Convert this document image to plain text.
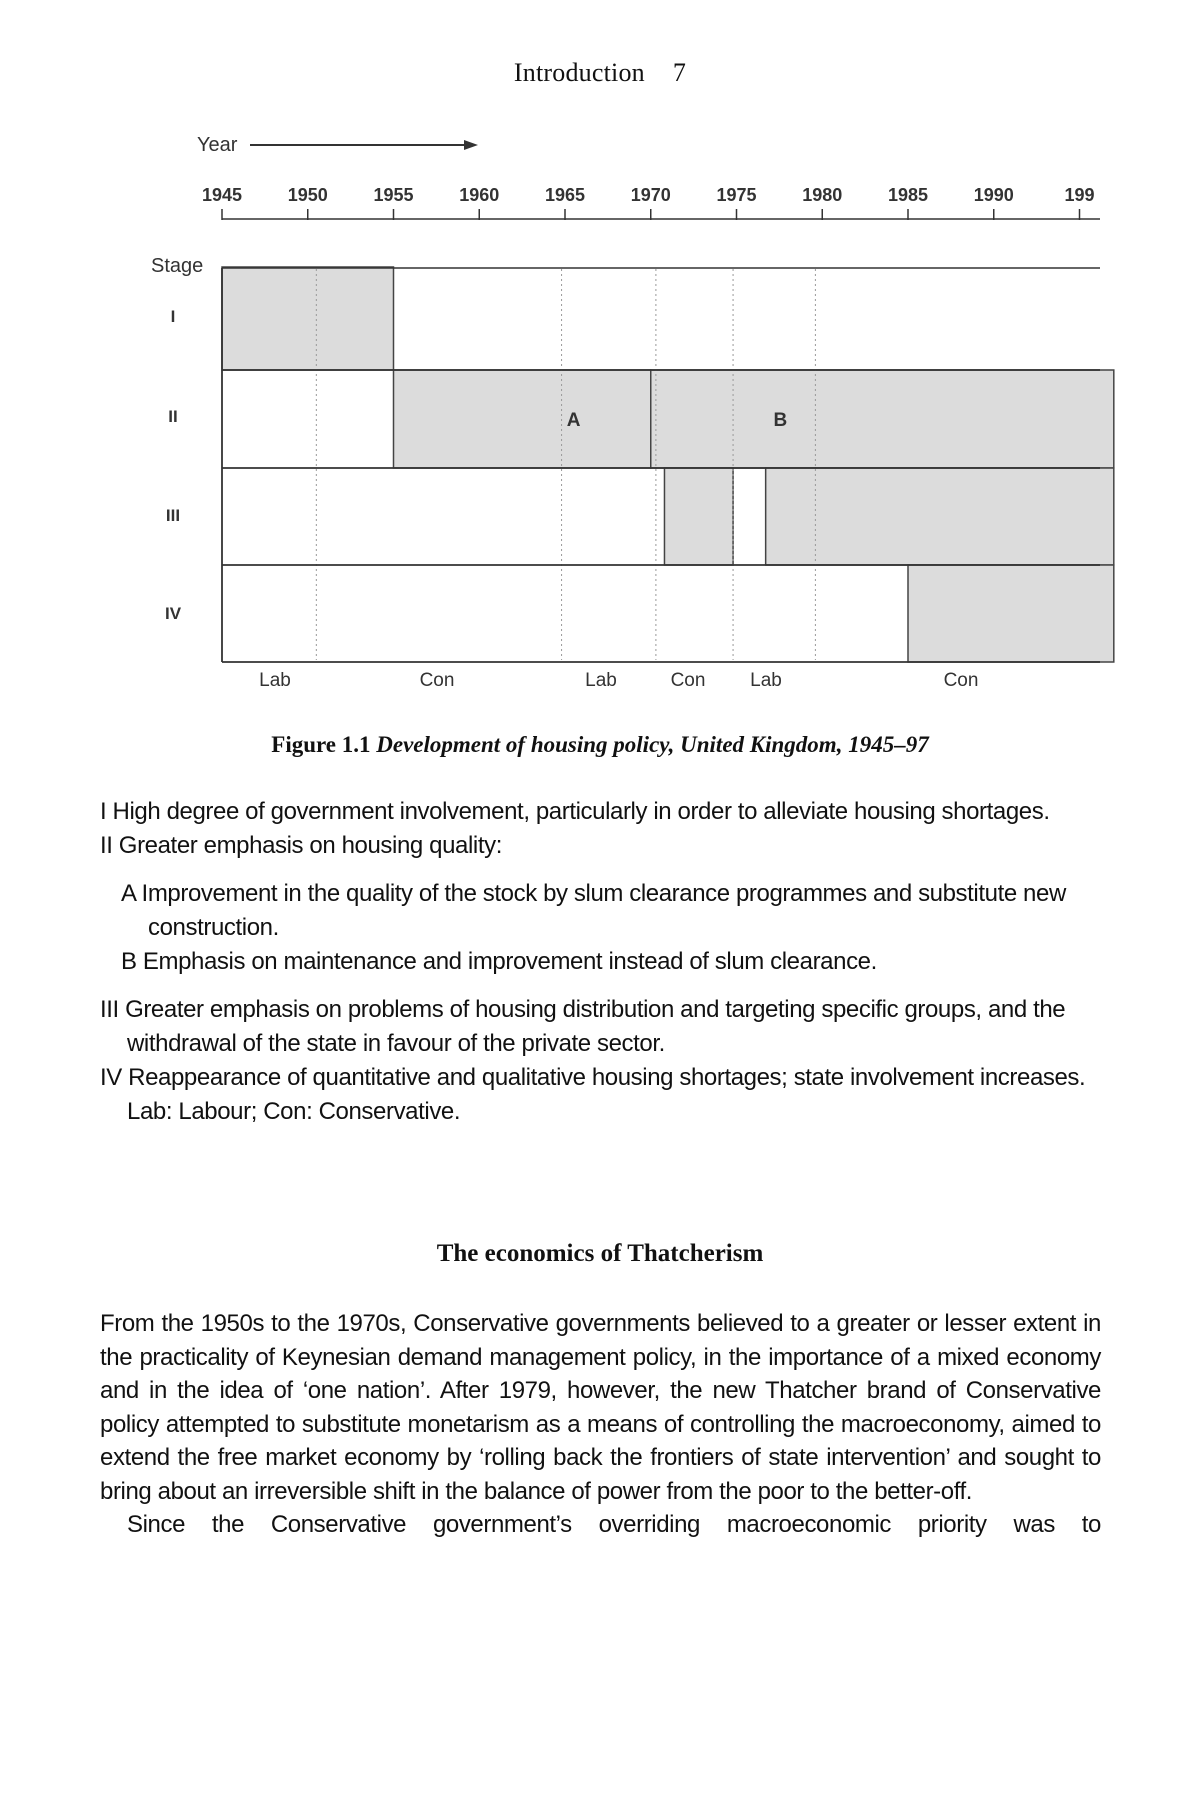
Introduction 7
Year
1945	1950	1955	1960	1965	1970	1975	1980	1985	1990	199
Stage
I
II
III
IV
A	B
Lab	Con	Lab	Con Lab	Con
Figure 1.1 Development of housing policy, United Kingdom, 1945–97

I High degree of government involvement, particularly in order to alleviate housing shortages.

II Greater emphasis on housing quality:

A Improvement in the quality of the stock by slum clearance programmes and substitute new construction.

B Emphasis on maintenance and improvement instead of slum clearance.

III Greater emphasis on problems of housing distribution and targeting specific groups, and the withdrawal of the state in favour of the private sector.

IV Reappearance of quantitative and qualitative housing shortages; state involvement increases. Lab: Labour; Con: Conservative.

The economics of Thatcherism

From the 1950s to the 1970s, Conservative governments believed to a greater or lesser extent in the practicality of Keynesian demand management policy, in the importance of a mixed economy and in the idea of ‘one nation’. After 1979, however, the new Thatcher brand of Conservative policy attempted to substitute monetarism as a means of controlling the macroeconomy, aimed to extend the free market economy by ‘rolling back the frontiers of state intervention’ and sought to bring about an irreversible shift in the balance of power from the poor to the better-off.

Since the Conservative government’s overriding macroeconomic priority was to
